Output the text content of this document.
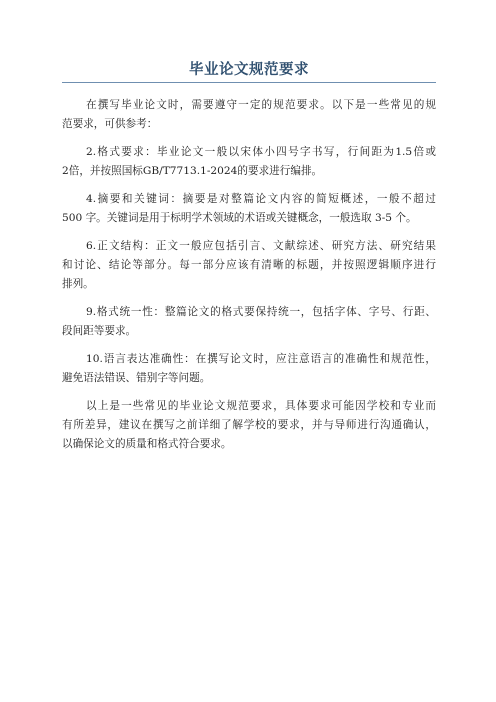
毕业论文规范要求

在撰写毕业论文时，需要遵守一定的规范要求。以下是一些常见的规
范要求，可供参考：

2.格式要求：毕业论文一般以宋体小四号字书写，行间距为1.5倍或
2倍，并按照国标GB/T7713.1-2024的要求进行编排。

4.摘要和关键词：摘要是对整篇论文内容的简短概述，一般不超过
500 字。关键词是用于标明学术领域的术语或关键概念，一般选取 3-5 个。

6.正文结构：正文一般应包括引言、文献综述、研究方法、研究结果
和讨论、结论等部分。每一部分应该有清晰的标题，并按照逻辑顺序进行
排列。

9.格式统一性：整篇论文的格式要保持统一，包括字体、字号、行距、
段间距等要求。

10.语言表达准确性：在撰写论文时，应注意语言的准确性和规范性，
避免语法错误、错别字等问题。

以上是一些常见的毕业论文规范要求，具体要求可能因学校和专业而
有所差异，建议在撰写之前详细了解学校的要求，并与导师进行沟通确认，
以确保论文的质量和格式符合要求。
